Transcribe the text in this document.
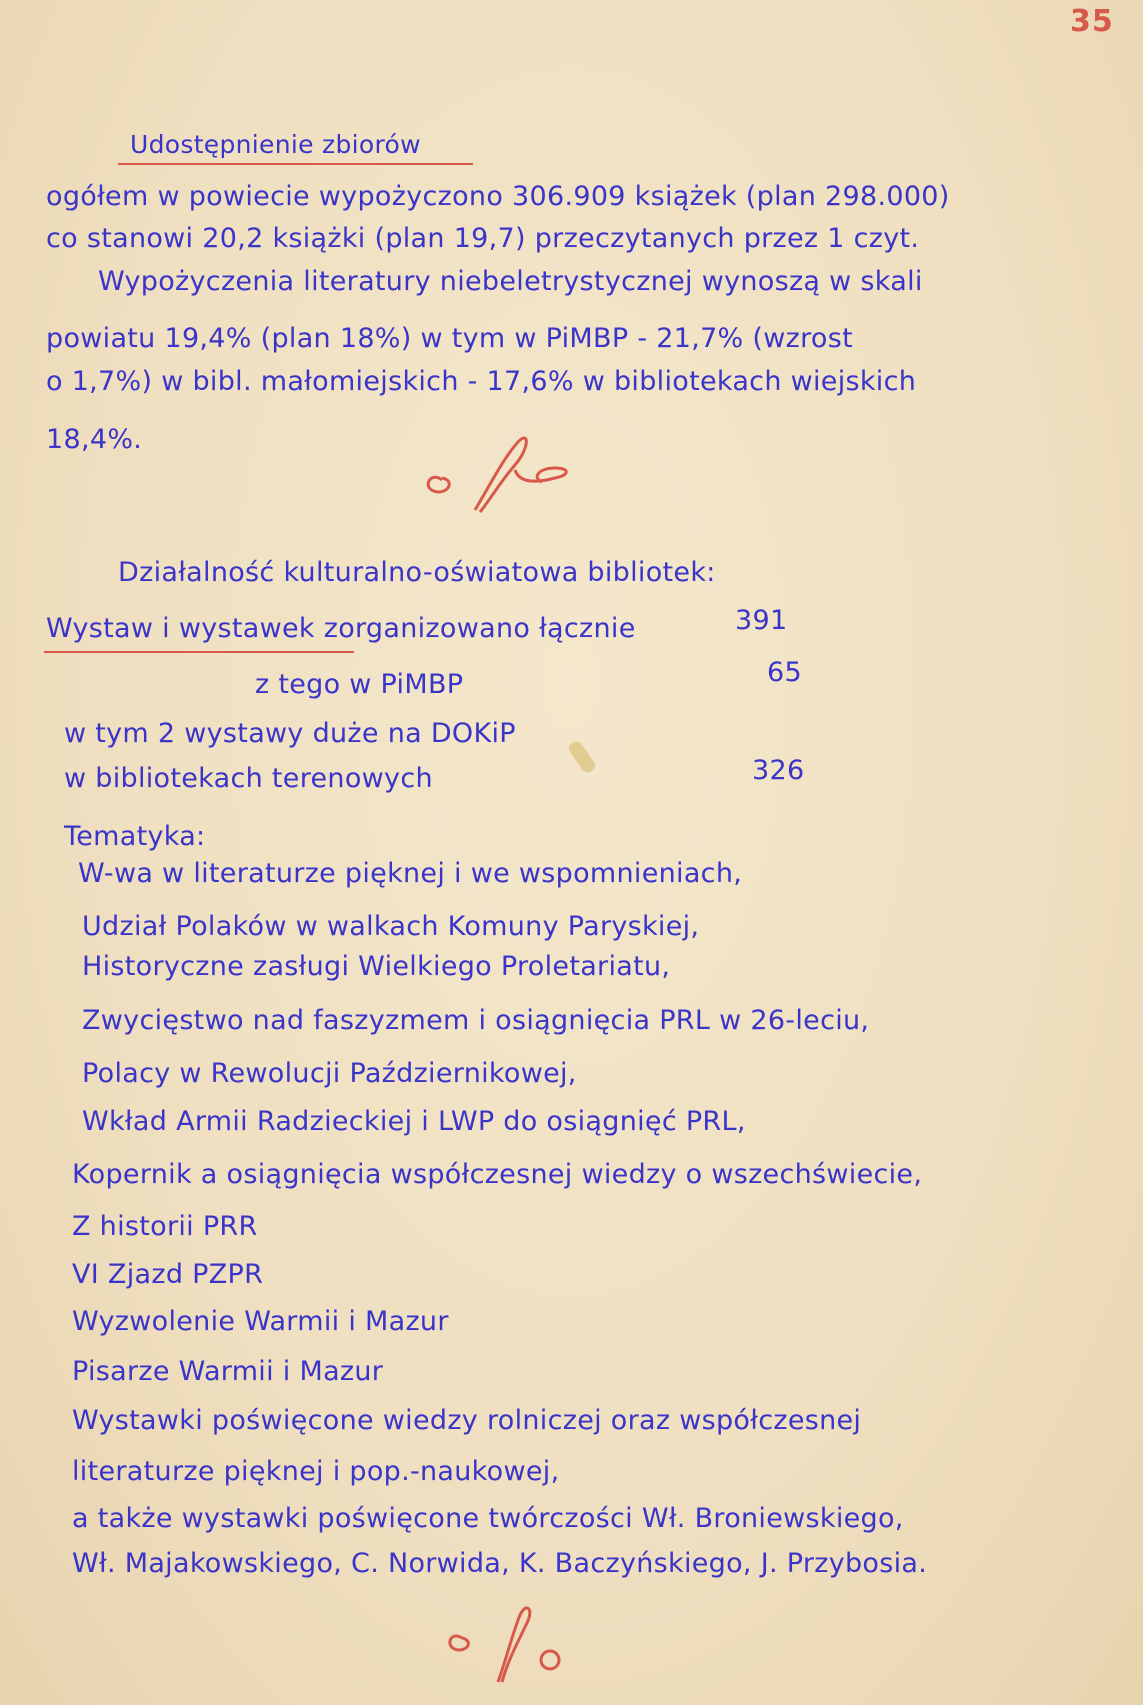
35
Udostępnienie zbiorów
ogółem w powiecie wypożyczono 306.909 książek (plan 298.000)
co stanowi 20,2 książki (plan 19,7) przeczytanych przez 1 czyt.
Wypożyczenia literatury niebeletrystycznej wynoszą w skali
powiatu 19,4% (plan 18%) w tym w PiMBP - 21,7% (wzrost
o 1,7%) w bibl. małomiejskich - 17,6% w bibliotekach wiejskich
18,4%.
Działalność kulturalno-oświatowa bibliotek:
Wystaw i wystawek zorganizowano łącznie	391
z tego w PiMBP	65
w tym 2 wystawy duże na DOKiP
w bibliotekach terenowych	326
Tematyka:
W-wa w literaturze pięknej i we wspomnieniach,
Udział Polaków w walkach Komuny Paryskiej,
Historyczne zasługi Wielkiego Proletariatu,
Zwycięstwo nad faszyzmem i osiągnięcia PRL w 26-leciu,
Polacy w Rewolucji Październikowej,
Wkład Armii Radzieckiej i LWP do osiągnięć PRL,
Kopernik a osiągnięcia współczesnej wiedzy o wszechświecie,
Z historii PRR
VI Zjazd PZPR
Wyzwolenie Warmii i Mazur
Pisarze Warmii i Mazur
Wystawki poświęcone wiedzy rolniczej oraz współczesnej
literaturze pięknej i pop.-naukowej,
a także wystawki poświęcone twórczości Wł. Broniewskiego,
Wł. Majakowskiego, C. Norwida, K. Baczyńskiego, J. Przybosia.
